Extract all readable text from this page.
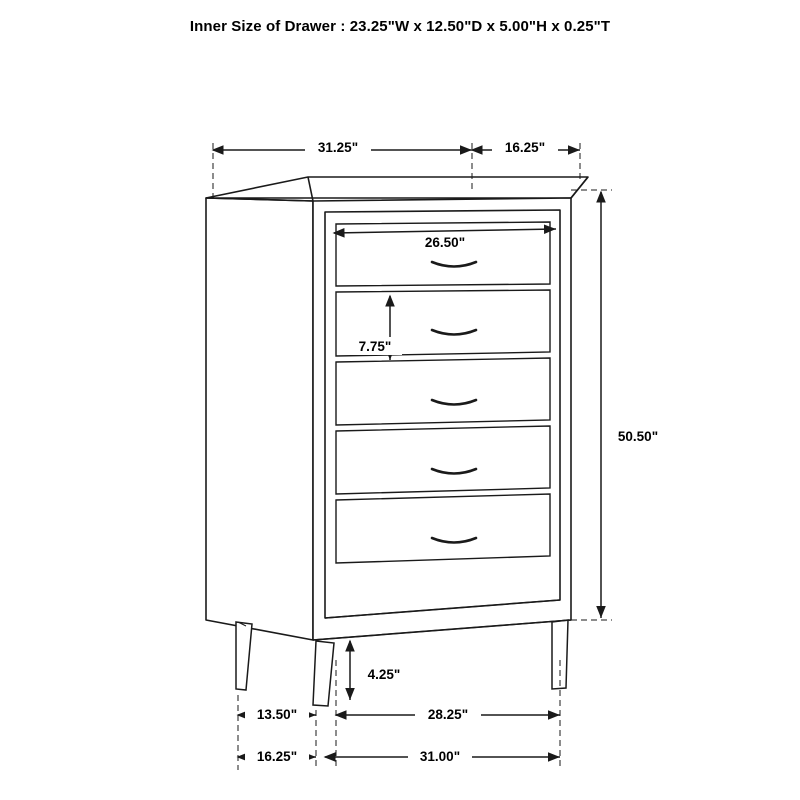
Inner Size of Drawer : 23.25"W x 12.50"D x 5.00"H x 0.25"T
31.25"	16.25"
26.50"
7.75"
50.50"
4.25"
28.25"
13.50"
16.25"	31.00"
